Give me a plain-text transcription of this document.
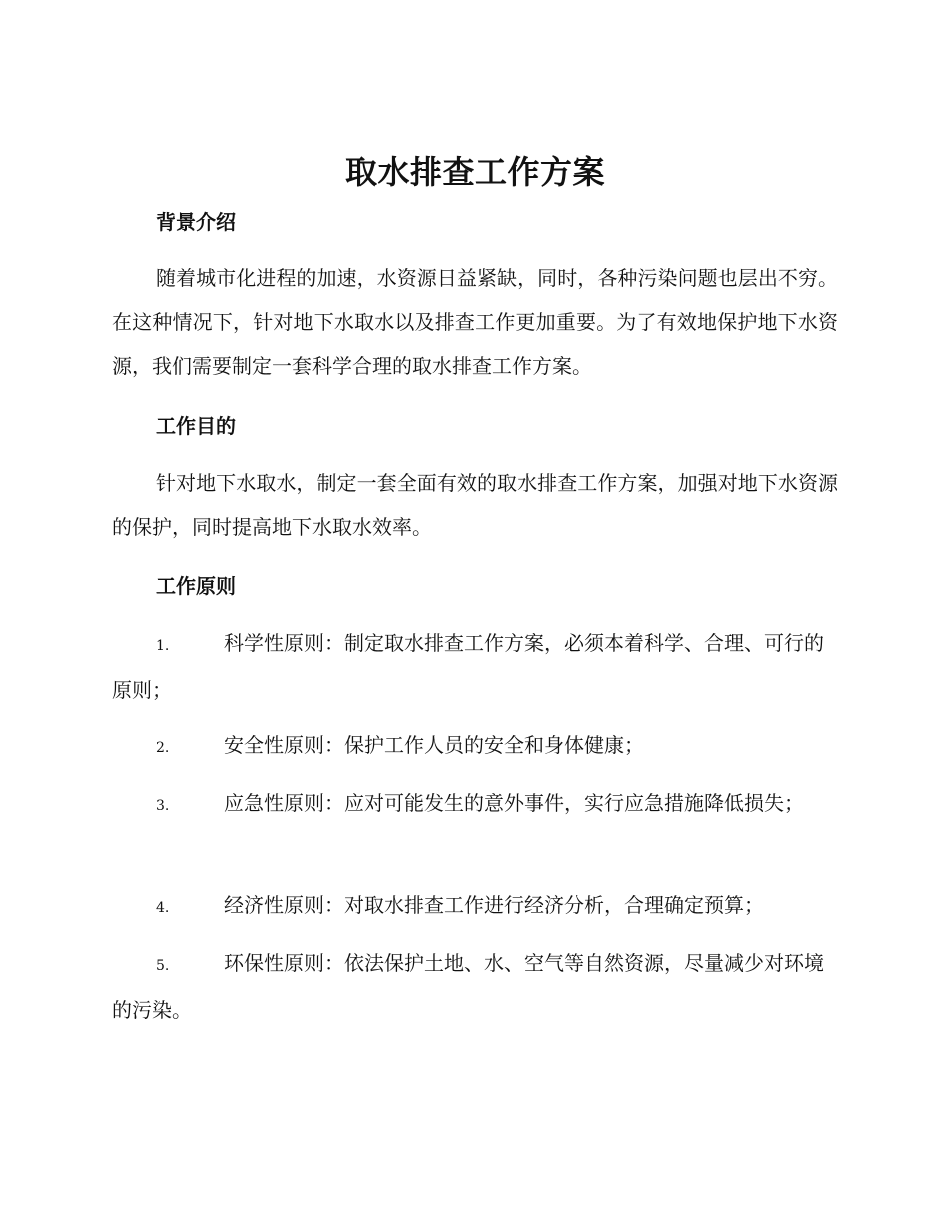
取水排查工作方案
背景介绍
随着城市化进程的加速，水资源日益紧缺，同时，各种污染问题也层出不穷。在这种情况下，针对地下水取水以及排查工作更加重要。为了有效地保护地下水资源，我们需要制定一套科学合理的取水排查工作方案。
工作目的
针对地下水取水，制定一套全面有效的取水排查工作方案，加强对地下水资源的保护，同时提高地下水取水效率。
工作原则
1.	科学性原则：制定取水排查工作方案，必须本着科学、合理、可行的原则；
2.	安全性原则：保护工作人员的安全和身体健康；
3.	应急性原则：应对可能发生的意外事件，实行应急措施降低损失；
4.	经济性原则：对取水排查工作进行经济分析，合理确定预算；
5.	环保性原则：依法保护土地、水、空气等自然资源，尽量减少对环境的污染。
